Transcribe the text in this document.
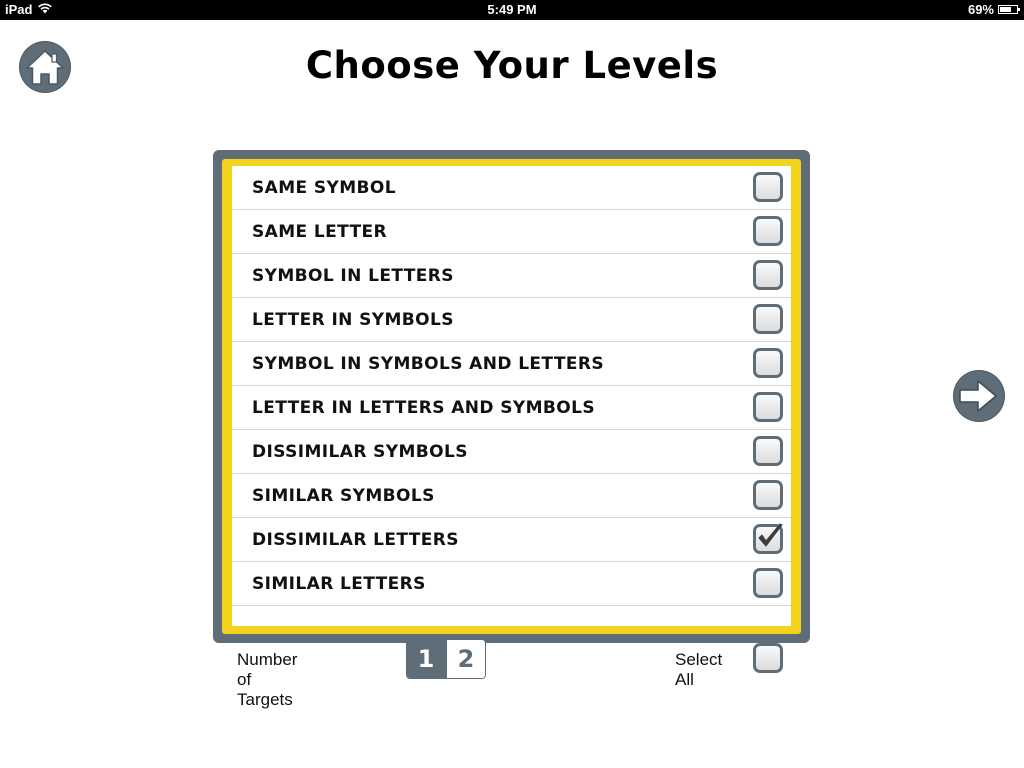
iPad	5:49 PM	69%
Choose Your Levels
SAME SYMBOL
SAME LETTER
SYMBOL IN LETTERS
LETTER IN SYMBOLS
SYMBOL IN SYMBOLS AND LETTERS
LETTER IN LETTERS AND SYMBOLS
DISSIMILAR SYMBOLS
SIMILAR SYMBOLS
DISSIMILAR LETTERS
SIMILAR LETTERS
Number of Targets
1 2	Select All
